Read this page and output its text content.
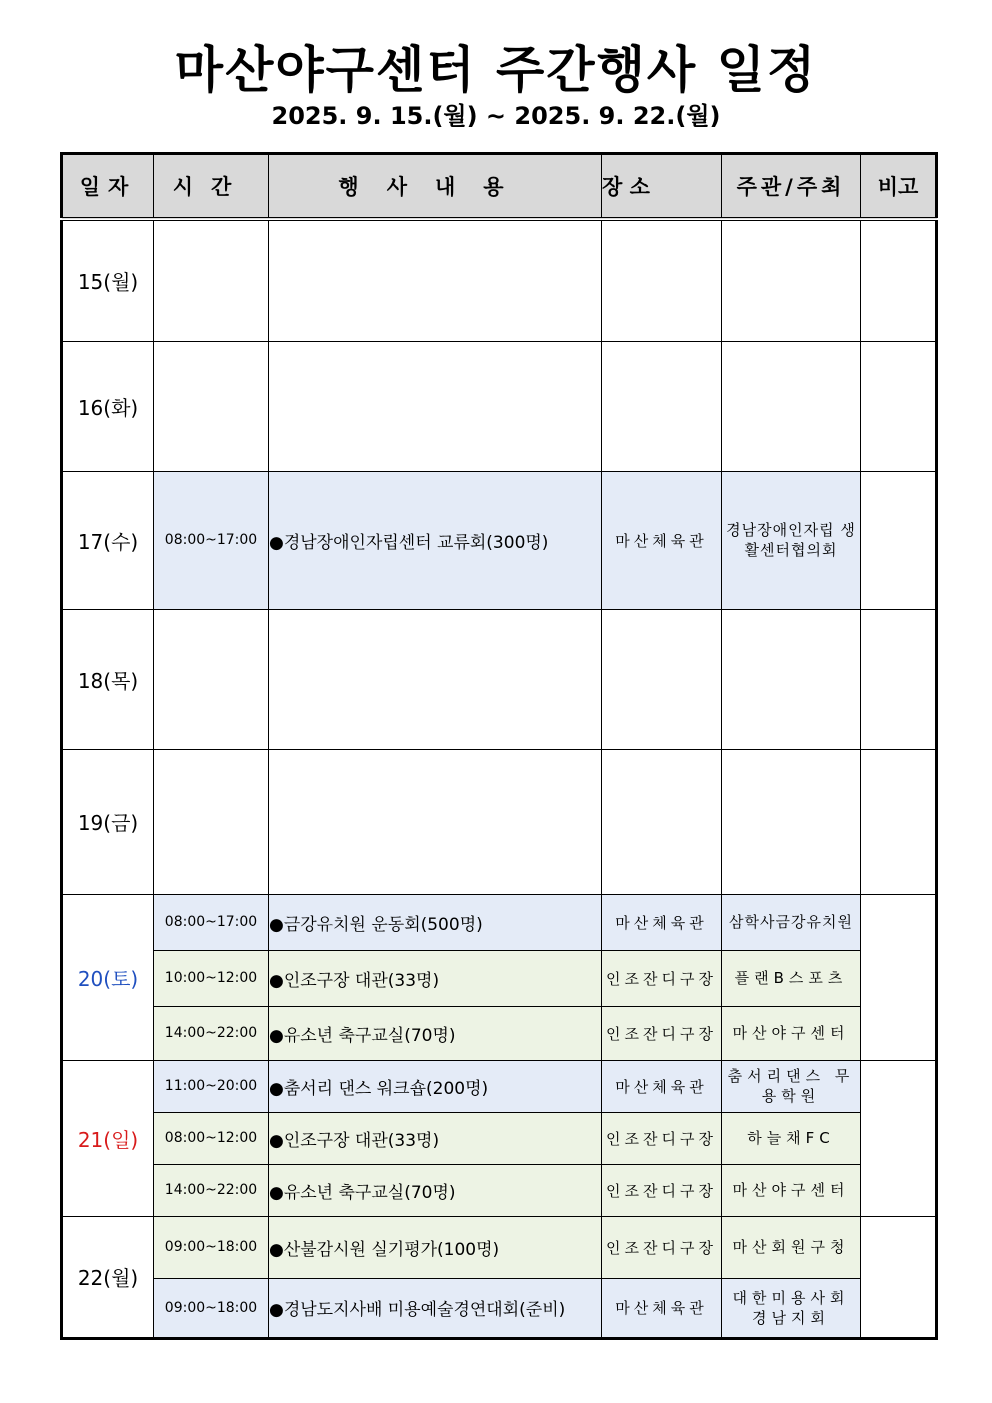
마산야구센터 주간행사 일정
2025. 9. 15.(월) ~ 2025. 9. 22.(월)
일자	시간	행사내용	장 소	주관/주최	비고
15(월)					
16(화)					
17(수)	08:00~17:00	●경남장애인자립센터 교류회(300명)	마산체육관	경남장애인자립 생활센터협의회	
18(목)					
19(금)					
20(토)	08:00~17:00	●금강유치원 운동회(500명)	마산체육관	삼학사금강유치원	
	10:00~12:00	●인조구장 대관(33명)	인조잔디구장	플랜B스포츠	
	14:00~22:00	●유소년 축구교실(70명)	인조잔디구장	마산야구센터	
21(일)	11:00~20:00	●춤서리 댄스 워크숍(200명)	마산체육관	춤서리댄스 무용학원	
	08:00~12:00	●인조구장 대관(33명)	인조잔디구장	하늘채FC	
	14:00~22:00	●유소년 축구교실(70명)	인조잔디구장	마산야구센터	
22(월)	09:00~18:00	●산불감시원 실기평가(100명)	인조잔디구장	마산회원구청	
	09:00~18:00	●경남도지사배 미용예술경연대회(준비)	마산체육관	대한미용사회 경남지회	
